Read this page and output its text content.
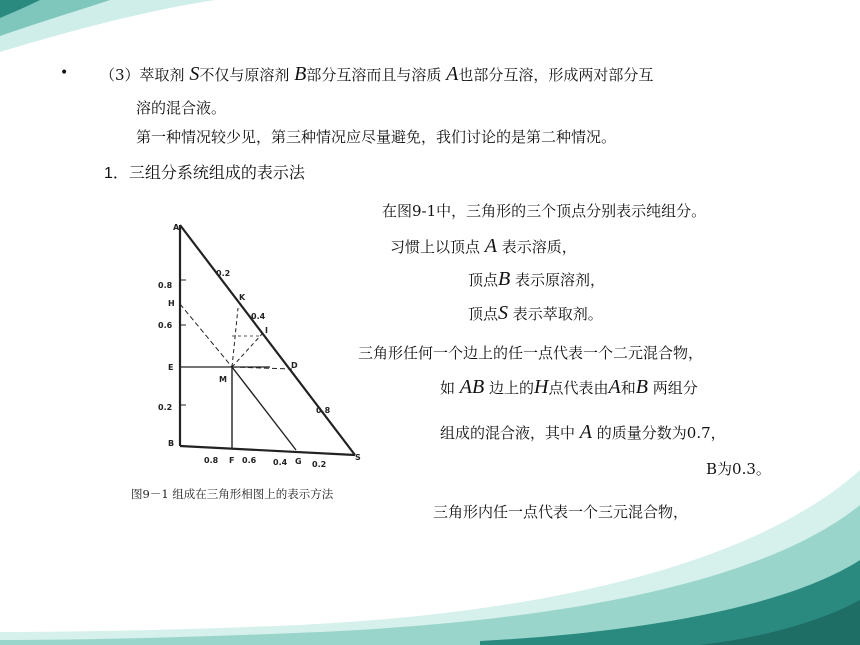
• （3）萃取剂 S不仅与原溶剂 B部分互溶而且与溶质 A也部分互溶，形成两对部分互
溶的混合液。
第一种情况较少见，第三种情况应尽量避免，我们讨论的是第二种情况。
1．三组分系统组成的表示法
在图9-1中，三角形的三个顶点分别表示纯组分。
习惯上以顶点 A 表示溶质，
顶点B 表示原溶剂，
顶点S 表示萃取剂。
三角形任何一个边上的任一点代表一个二元混合物，
如 AB 边上的H点代表由A和B 两组分
组成的混合液，其中 A 的质量分数为0.7，
B为0.3。
三角形内任一点代表一个三元混合物，
A
0.8
H
0.6
E
0.2
B
0.2
K
0.4
I
D
M
0.8
0.8 F 0.6 0.4 G 0.2
S
图9－1 组成在三角形相图上的表示方法
